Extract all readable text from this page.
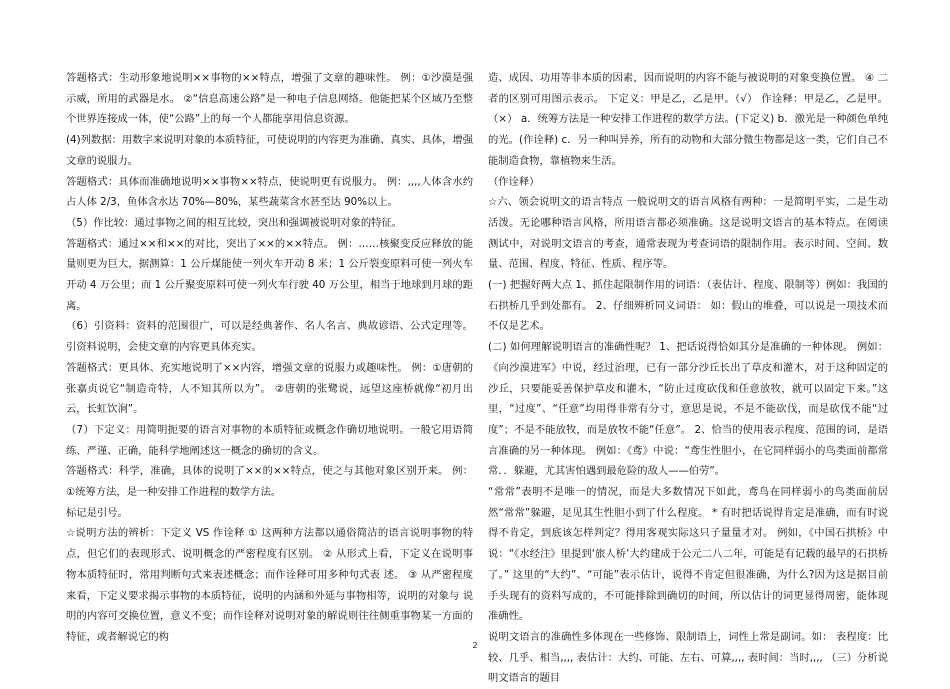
答题格式：生动形象地说明××事物的××特点，增强了文章的趣味性。 例：①沙漠是强示威，所用的武器是水。 ②“信息高速公路”是一种电子信息网络。他能把某个区域乃至整个世界连接成一体，使“公路”上的每一个人都能享用信息资源。

(4)列数据：用数字来说明对象的本质特征，可使说明的内容更为准确、真实、具体，增强文章的说服力。

答题格式：具体而准确地说明××事物××特点，使说明更有说服力。 例：,,,,人体含水约占人体 2/3，鱼体含水达 70%—80%，某些蔬菜含水甚至达 90%以上。

（5）作比较：通过事物之间的相互比较，突出和强调被说明对象的特征。

答题格式：通过××和××的对比，突出了××的××特点。 例：……核聚变反应释放的能量则更为巨大，据测算：1 公斤煤能使一列火车开动 8 米；1 公斤裂变原料可使一列火车开动 4 万公里；而 1 公斤聚变原料可使一列火车行驶 40 万公里，相当于地球到月球的距离。

（6）引资料：资料的范围很广，可以是经典著作、名人名言、典故谚语、公式定理等。引资料说明，会使文章的内容更具体充实。

答题格式：更具体、充实地说明了××内容，增强文章的说服力或趣味性。 例：①唐朝的张嘉贞说它“制造奇特，人不知其所以为”。 ②唐朝的张鹭说，远望这座桥就像“初月出云，长虹饮涧”。

（7）下定义：用简明扼要的语言对事物的本质特征或概念作确切地说明。一般它用语简练、严谨、正确，能科学地阐述这一概念的确切的含义。

答题格式：科学，准确，具体的说明了××的××特点，使之与其他对象区别开来。 例：①统筹方法，是一种安排工作进程的数学方法。

标记是引号。

☆说明方法的辨析：下定义 VS 作诠释 ① 这两种方法都以通俗简洁的语言说明事物的特点，但它们的表现形式、说明概念的严密程度有区别。 ② 从形式上看，下定义在说明事物本质特征时，常用判断句式来表述概念；而作诠释可用多种句式表 述。 ③ 从严密程度来看，下定义要求揭示事物的本质特征，说明的内涵和外延与事物相等，说明的对象与 说明的内容可交换位置，意义不变；而作诠释对说明对象的解说则往往侧重事物某一方面的特征，或者解说它的构

造、成因、功用等非本质的因素，因而说明的内容不能与被说明的对象变换位置。 ④ 二者的区别可用图示表示。 下定义：甲是乙，乙是甲。（√） 作诠释：甲是乙，乙是甲。（×） a．统筹方法是一种安排工作进程的数学方法。(下定义) b．激光是一种颜色单纯的光。(作诠释) c．另一种叫异养，所有的动物和大部分微生物都是这一类，它们自己不能制造食物，靠植物来生活。

（作诠释）

☆六、领会说明文的语言特点 一般说明文的语言风格有两种：一是简明平实，二是生动活泼。无论哪种语言风格，所用语言都必须准确。这是说明文语言的基本特点。在阅读测试中，对说明文语言的考查，通常表现为考查词语的限制作用。表示时间、空间、数量、范围、程度、特征、性质、程序等。

(一) 把握好两大点 1、抓住起限制作用的词语：（表估计、程度、限制等）例如：我国的石拱桥几乎到处都有。 2、仔细辨析同义词语： 如：假山的堆叠，可以说是一项技术而不仅是艺术。

(二) 如何理解说明语言的准确性呢？ 1、把话说得恰如其分是准确的一种体现。 例如：《向沙漠进军》中说，经过治理，已有一部分沙丘长出了草皮和灌木，对于这种固定的沙丘，只要能妥善保护草皮和灌木，“防止过度砍伐和任意放牧，就可以固定下来。”这里，“过度”、“任意”均用得非常有分寸，意思是说，不是不能砍伐，而是砍伐不能“过度”；不是不能放牧，而是放牧不能“任意”。 2、恰当的使用表示程度、范围的词，是语言准确的另一种体现。 例如：《鸢》中说：“鸢生性胆小，在它同样弱小的鸟类面前都常常．．躲避，尤其害怕遇到最危险的敌人——伯劳”。

“常常”表明不是唯一的情况，而是大多数情况下如此，鸢鸟在同样弱小的鸟类面前居然“常常”躲避，足见其生性胆小到了什么程度。 * 有时把话说得肯定是准确，而有时说得不肯定，到底该怎样判定？得用客观实际这只子量量才对。 例如，《中国石拱桥》中说：“《水经注》里提到‘旅人桥’大约建成于公元二八二年，可能是有记载的最早的石拱桥了。” 这里的“大约”、“可能”表示估计，说得不肯定但很准确，为什么?因为这是据目前手头现有的资料写成的，不可能排除到确切的时间，所以估计的词更显得周密，能体现准确性。

说明文语言的准确性多体现在一些修饰、限制语上，词性上常是副词。如： 表程度：比较、几乎、相当,,,, 表估计：大约、可能、左右、可算,,,, 表时间：当时,,,, （三）分析说明文语言的题目

2
